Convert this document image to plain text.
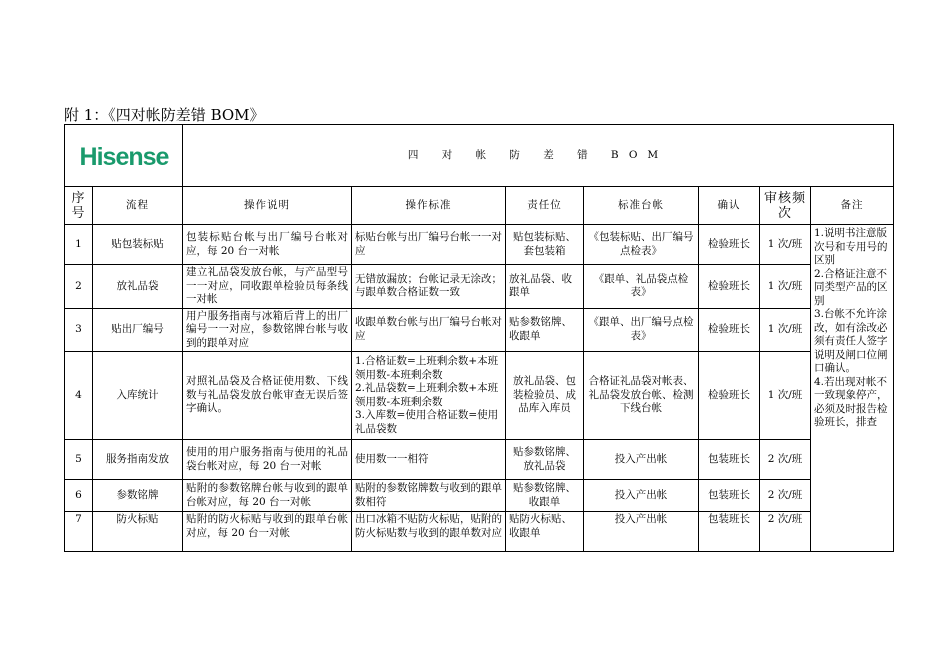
附 1：《四对帐防差错 BOM》
Hisense		四 对 帐 防 差 错 BOM						
序号	流程	操作说明	操作标准	责任位	标准台帐	确认	审核频次	备注
1	贴包装标贴	包装标贴台帐与出厂编号台帐对应，每 20 台一对帐	标贴台帐与出厂编号台帐一一对应	贴包装标贴、套包装箱	《包装标贴、出厂编号点检表》	检验班长	1 次/班	1.说明书注意版次号和专用号的区别
2.合格证注意不同类型产品的区别
3.台帐不允许涂改，如有涂改必须有责任人签字说明及闸口位闸口确认。
4.若出现对帐不一致现象停产，必须及时报告检验班长，排查

2	放礼品袋	建立礼品袋发放台帐，与产品型号一一对应，同收跟单检验员每条线一对帐	无错放漏放；台帐记录无涂改；与跟单数合格证数一致	放礼品袋、收跟单	《跟单、礼品袋点检表》	检验班长	1 次/班	
3	贴出厂编号	用户服务指南与冰箱后背上的出厂编号一一对应，参数铭牌台帐与收到的跟单对应	收跟单数台帐与出厂编号台帐对应	贴参数铭牌、收跟单	《跟单、出厂编号点检表》	检验班长	1 次/班	
4	入库统计	对照礼品袋及合格证使用数、下线数与礼品袋发放台帐审查无误后签字确认。	1.合格证数=上班剩余数+本班领用数-本班剩余数
2.礼品袋数=上班剩余数+本班领用数-本班剩余数
3.入库数=使用合格证数=使用礼品袋数	放礼品袋、包装检验员、成品库入库员	合格证礼品袋对帐表、礼品袋发放台帐、检测下线台帐	检验班长	1 次/班	
5	服务指南发放	使用的用户服务指南与使用的礼品袋台帐对应，每 20 台一对帐	使用数一一相符	贴参数铭牌、放礼品袋	投入产出帐	包装班长	2 次/班	
6	参数铭牌	贴附的参数铭牌台帐与收到的跟单台帐对应，每 20 台一对帐	贴附的参数铭牌数与收到的跟单数相符	贴参数铭牌、收跟单	投入产出帐	包装班长	2 次/班	
7	防火标贴	贴附的防火标贴与收到的跟单台帐对应，每 20 台一对帐	出口冰箱不贴防火标贴，贴附的防火标贴数与收到的跟单数对应	贴防火标贴、收跟单	投入产出帐	包装班长	2 次/班	
